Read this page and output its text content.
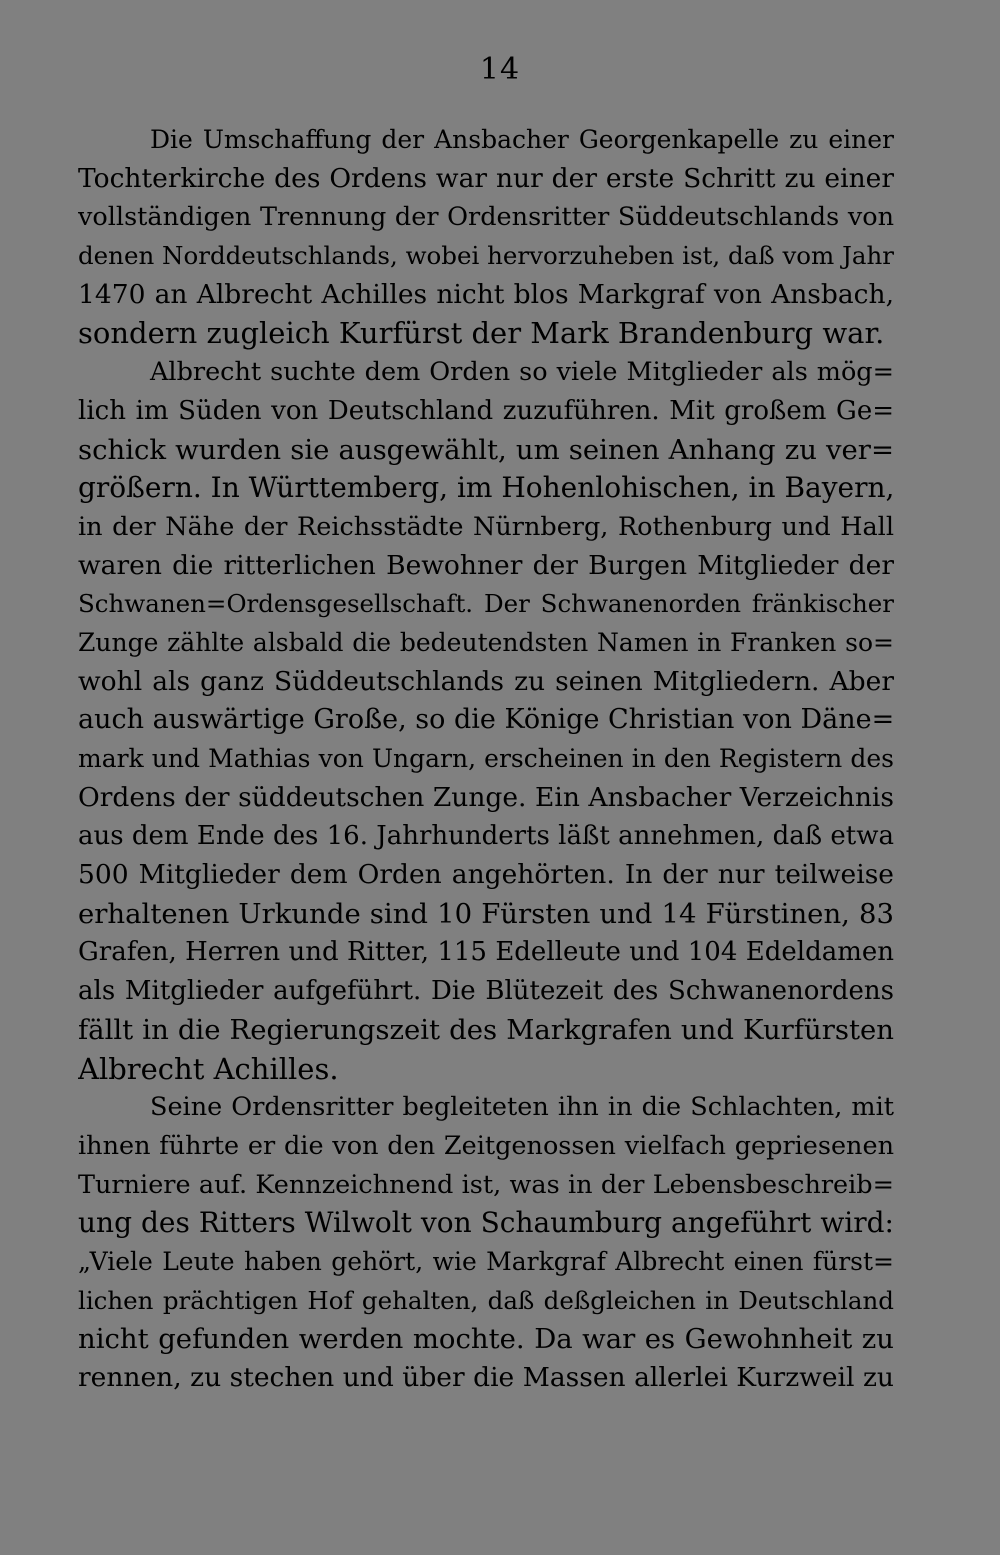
14
Die Umschaffung der Ansbacher Georgenkapelle zu einer
Tochterkirche des Ordens war nur der erste Schritt zu einer
vollständigen Trennung der Ordensritter Süddeutschlands von
denen Norddeutschlands, wobei hervorzuheben ist, daß vom Jahr
1470 an Albrecht Achilles nicht blos Markgraf von Ansbach,
sondern zugleich Kurfürst der Mark Brandenburg war.
Albrecht suchte dem Orden so viele Mitglieder als mög=
lich im Süden von Deutschland zuzuführen. Mit großem Ge=
schick wurden sie ausgewählt, um seinen Anhang zu ver=
größern. In Württemberg, im Hohenlohischen, in Bayern,
in der Nähe der Reichsstädte Nürnberg, Rothenburg und Hall
waren die ritterlichen Bewohner der Burgen Mitglieder der
Schwanen=Ordensgesellschaft. Der Schwanenorden fränkischer
Zunge zählte alsbald die bedeutendsten Namen in Franken so=
wohl als ganz Süddeutschlands zu seinen Mitgliedern. Aber
auch auswärtige Große, so die Könige Christian von Däne=
mark und Mathias von Ungarn, erscheinen in den Registern des
Ordens der süddeutschen Zunge. Ein Ansbacher Verzeichnis
aus dem Ende des 16. Jahrhunderts läßt annehmen, daß etwa
500 Mitglieder dem Orden angehörten. In der nur teilweise
erhaltenen Urkunde sind 10 Fürsten und 14 Fürstinen, 83
Grafen, Herren und Ritter, 115 Edelleute und 104 Edeldamen
als Mitglieder aufgeführt. Die Blütezeit des Schwanenordens
fällt in die Regierungszeit des Markgrafen und Kurfürsten
Albrecht Achilles.
Seine Ordensritter begleiteten ihn in die Schlachten, mit
ihnen führte er die von den Zeitgenossen vielfach gepriesenen
Turniere auf. Kennzeichnend ist, was in der Lebensbeschreib=
ung des Ritters Wilwolt von Schaumburg angeführt wird:
„Viele Leute haben gehört, wie Markgraf Albrecht einen fürst=
lichen prächtigen Hof gehalten, daß deßgleichen in Deutschland
nicht gefunden werden mochte. Da war es Gewohnheit zu
rennen, zu stechen und über die Massen allerlei Kurzweil zu
